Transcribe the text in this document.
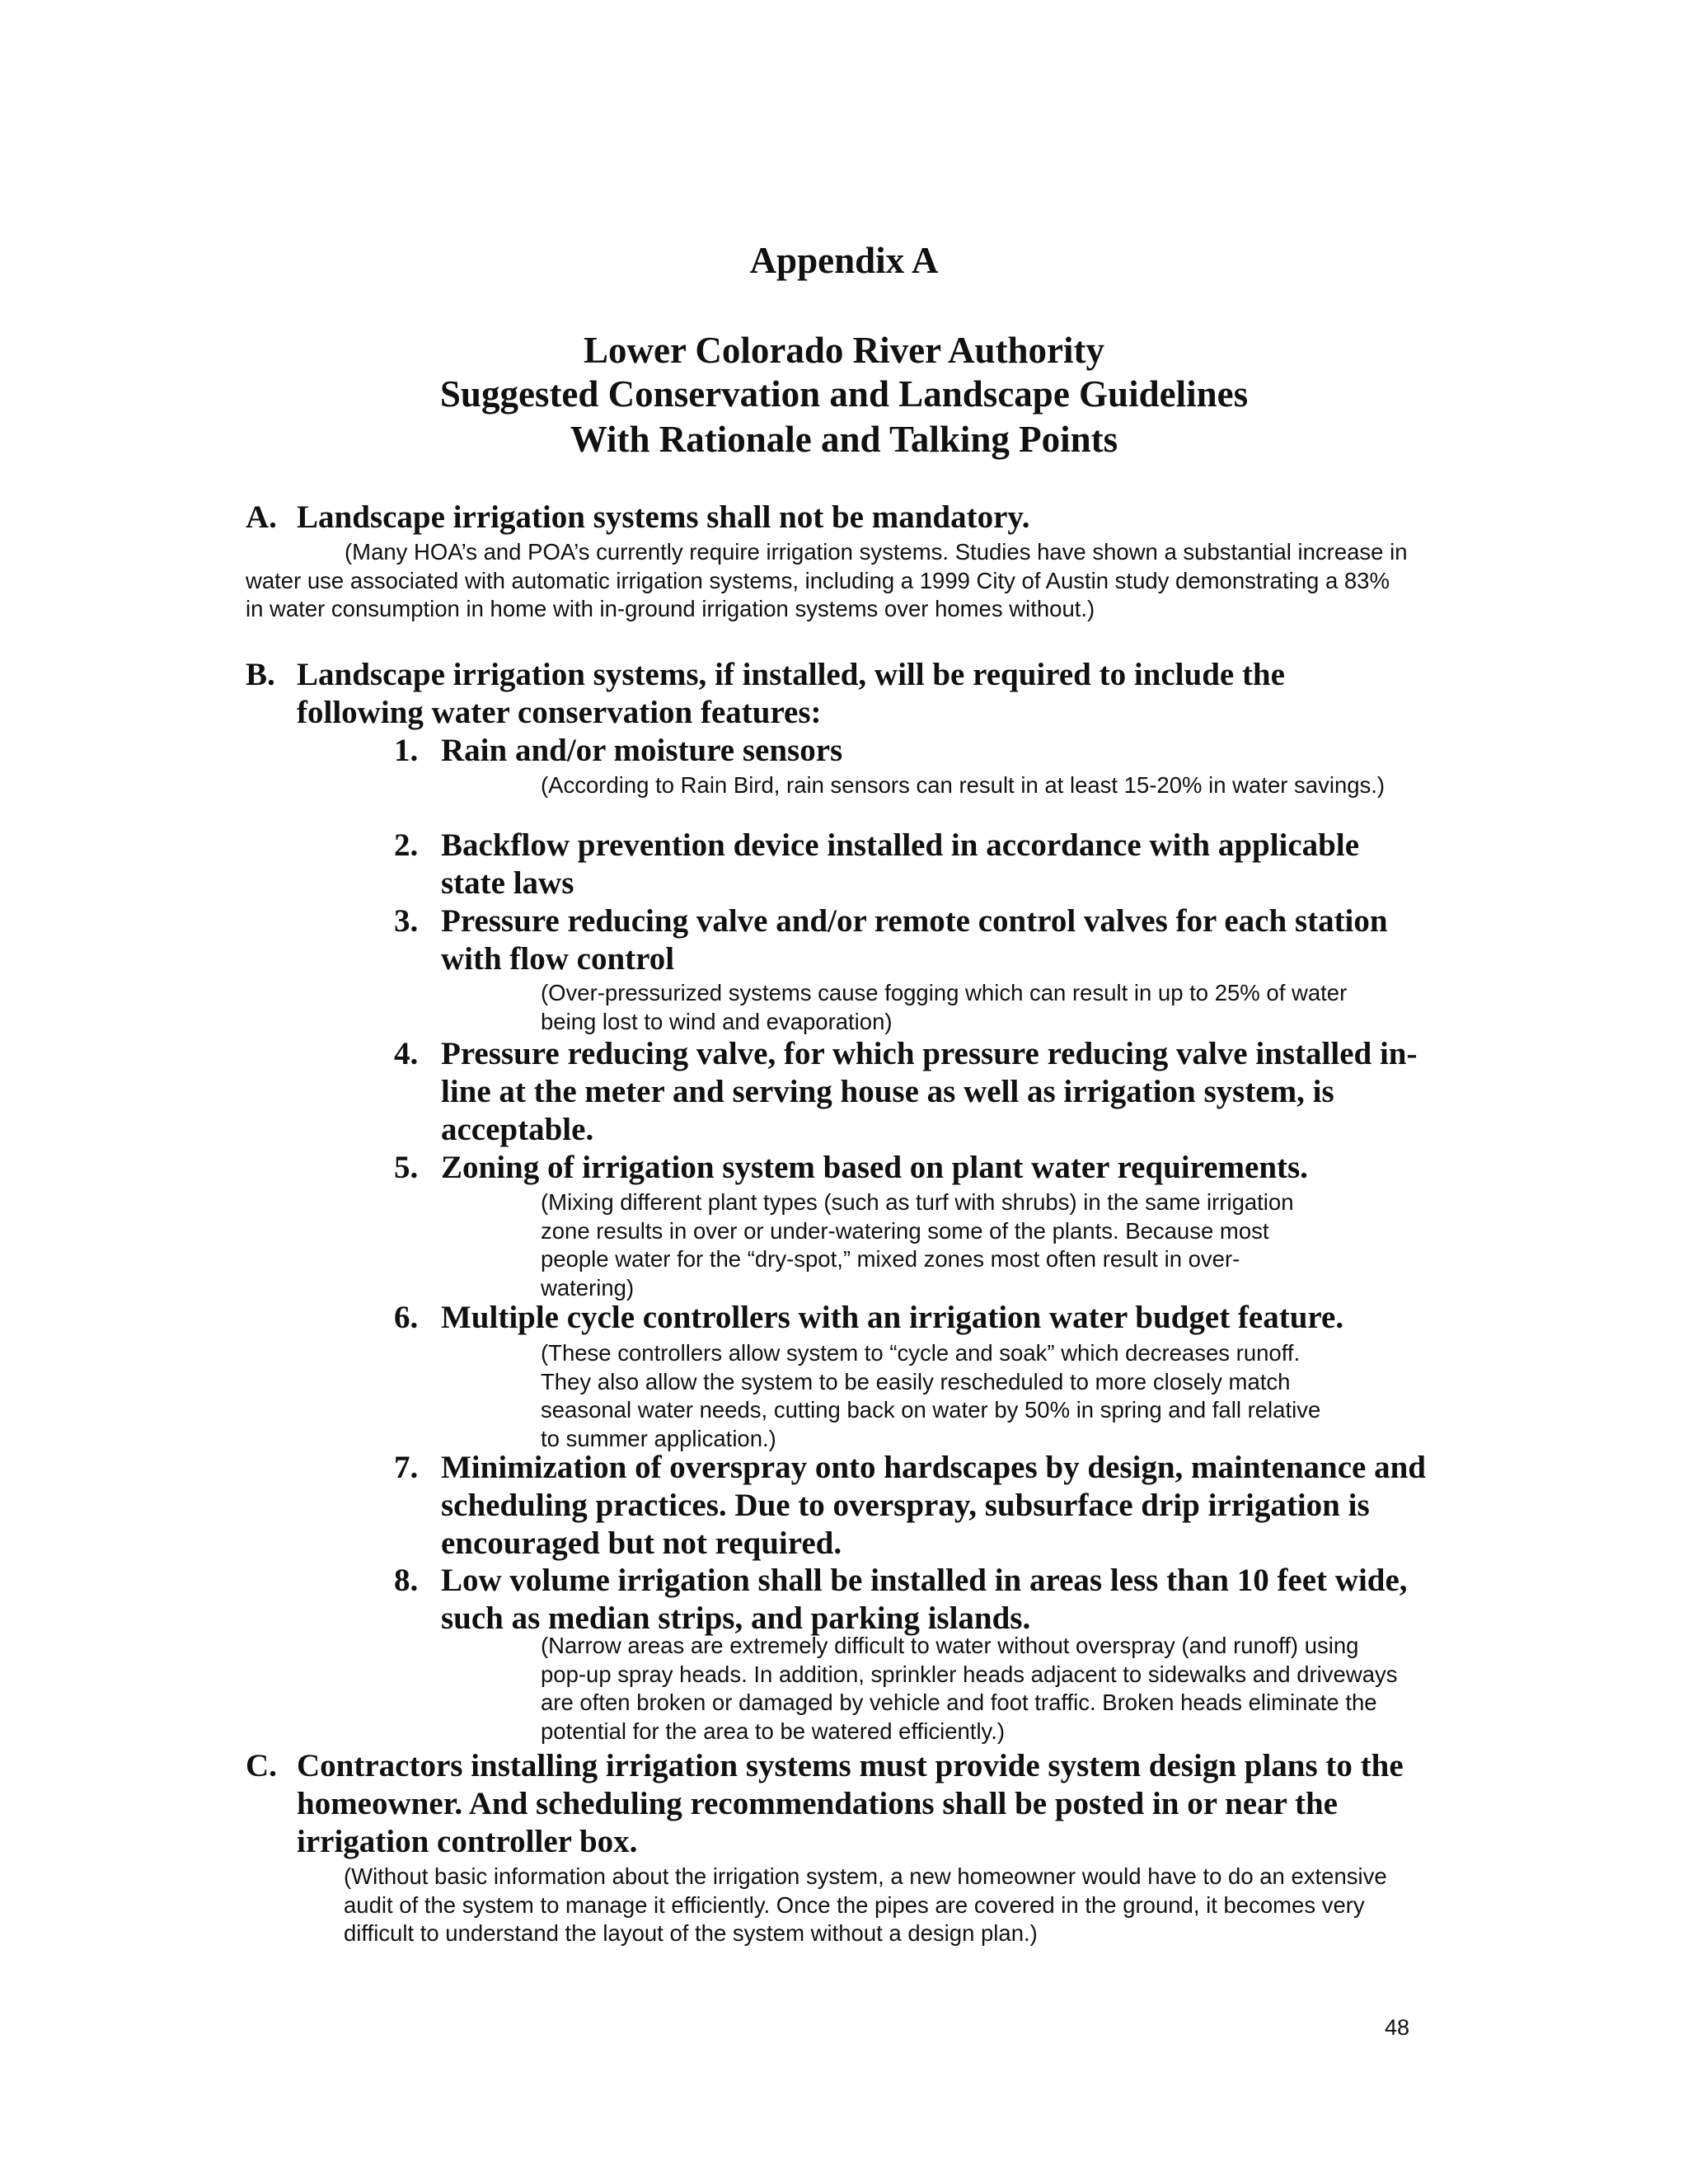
Appendix A
Lower Colorado River Authority
Suggested Conservation and Landscape Guidelines
With Rationale and Talking Points
A. Landscape irrigation systems shall not be mandatory.
(Many HOA’s and POA’s currently require irrigation systems. Studies have shown a substantial increase in water use associated with automatic irrigation systems, including a 1999 City of Austin study demonstrating a 83% in water consumption in home with in-ground irrigation systems over homes without.)
B. Landscape irrigation systems, if installed, will be required to include the following water conservation features:
1. Rain and/or moisture sensors
(According to Rain Bird, rain sensors can result in at least 15-20% in water savings.)
2. Backflow prevention device installed in accordance with applicable state laws
3. Pressure reducing valve and/or remote control valves for each station with flow control
(Over-pressurized systems cause fogging which can result in up to 25% of water being lost to wind and evaporation)
4. Pressure reducing valve, for which pressure reducing valve installed in-line at the meter and serving house as well as irrigation system, is acceptable.
5. Zoning of irrigation system based on plant water requirements.
(Mixing different plant types (such as turf with shrubs) in the same irrigation zone results in over or under-watering some of the plants. Because most people water for the “dry-spot,” mixed zones most often result in over-watering)
6. Multiple cycle controllers with an irrigation water budget feature.
(These controllers allow system to “cycle and soak” which decreases runoff. They also allow the system to be easily rescheduled to more closely match seasonal water needs, cutting back on water by 50% in spring and fall relative to summer application.)
7. Minimization of overspray onto hardscapes by design, maintenance and scheduling practices. Due to overspray, subsurface drip irrigation is encouraged but not required.
8. Low volume irrigation shall be installed in areas less than 10 feet wide, such as median strips, and parking islands.
(Narrow areas are extremely difficult to water without overspray (and runoff) using pop-up spray heads. In addition, sprinkler heads adjacent to sidewalks and driveways are often broken or damaged by vehicle and foot traffic. Broken heads eliminate the potential for the area to be watered efficiently.)
C. Contractors installing irrigation systems must provide system design plans to the homeowner. And scheduling recommendations shall be posted in or near the irrigation controller box.
(Without basic information about the irrigation system, a new homeowner would have to do an extensive audit of the system to manage it efficiently. Once the pipes are covered in the ground, it becomes very difficult to understand the layout of the system without a design plan.)
48
